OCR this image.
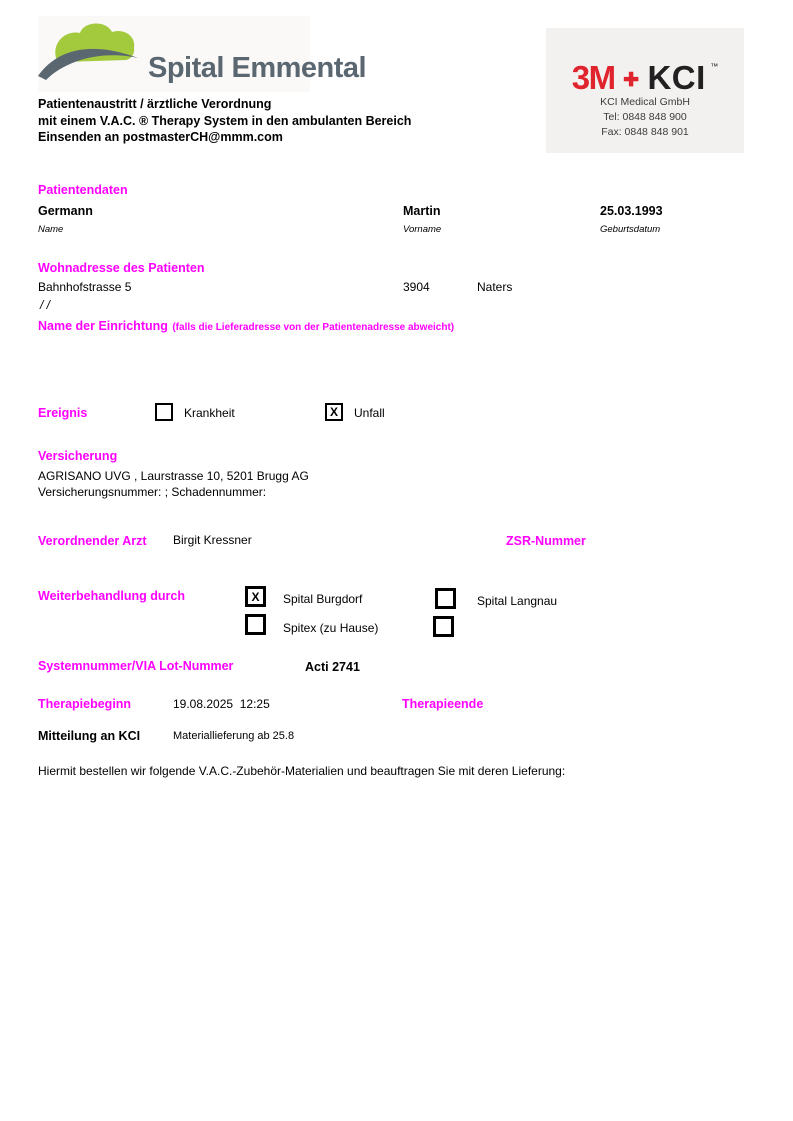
Spital Emmental	3M ✚ KCI ™
KCI Medical GmbH
Tel: 0848 848 900
Fax: 0848 848 901
Patientenaustritt / ärztliche Verordnung
mit einem V.A.C. ® Therapy System in den ambulanten Bereich
Einsenden an postmasterCH@mmm.com
Patientendaten
Germann	Martin	25.03.1993
Name	Vorname	Geburtsdatum
Wohnadresse des Patienten
Bahnhofstrasse 5	3904	Naters
/ /
Name der Einrichtung (falls die Lieferadresse von der Patientenadresse abweicht)
Ereignis	Krankheit	X	Unfall
Versicherung
AGRISANO UVG , Laurstrasse 10, 5201 Brugg AG
Versicherungsnummer: ; Schadennummer:
Verordnender Arzt Birgit Kressner	ZSR-Nummer
Weiterbehandlung durch	X	Spital Burgdorf	Spital Langnau
Spitex (zu Hause)
Systemnummer/VIA Lot-Nummer	Acti 2741
Therapiebeginn	19.08.2025  12:25	Therapieende
Mitteilung an KCI	Materiallieferung ab 25.8
Hiermit bestellen wir folgende V.A.C.-Zubehör-Materialien und beauftragen Sie mit deren Lieferung:
